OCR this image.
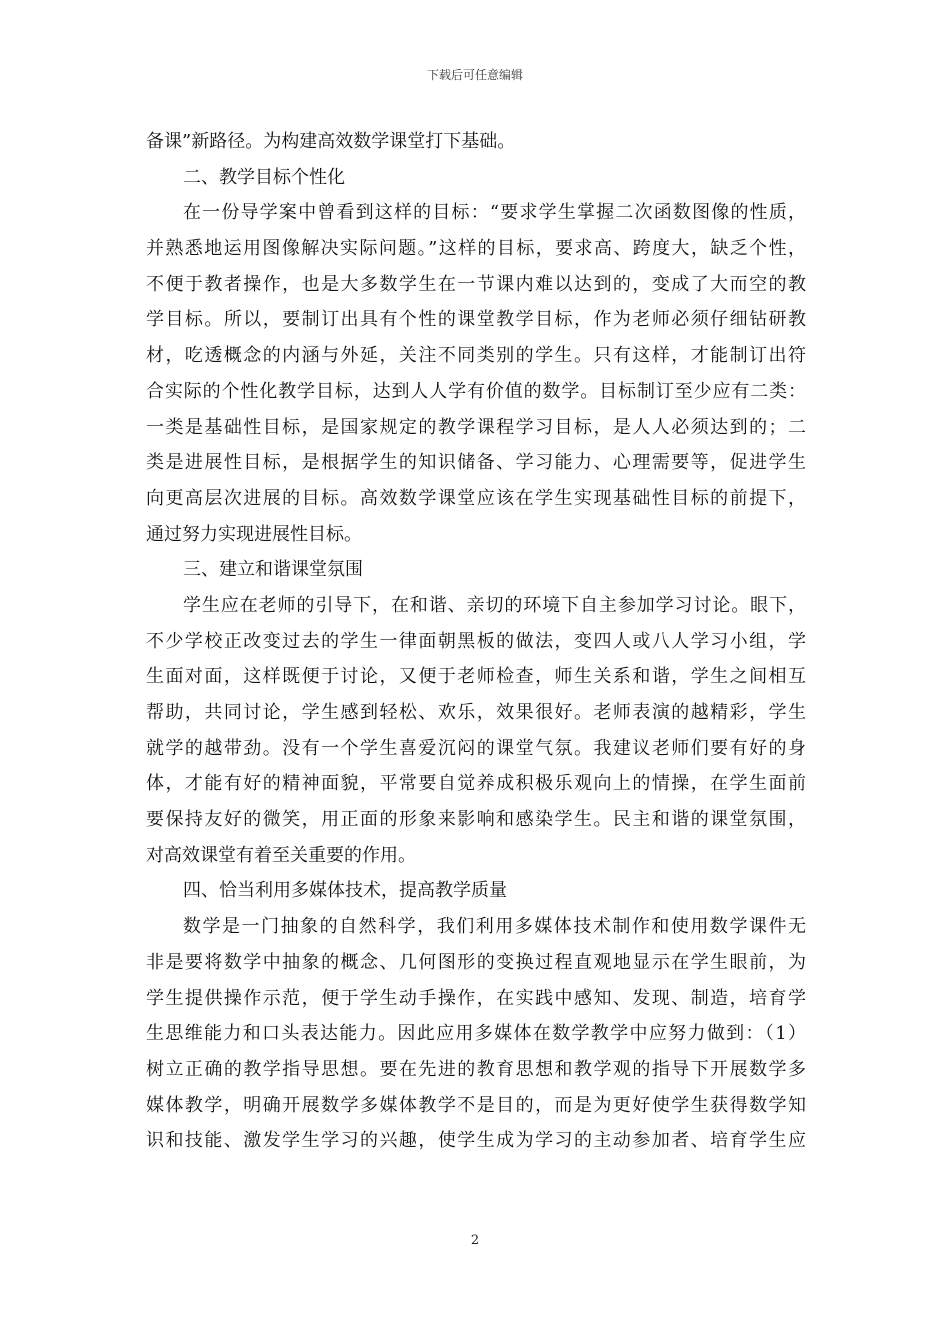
下载后可任意编辑
备课”新路径。为构建高效数学课堂打下基础。
二、教学目标个性化
在一份导学案中曾看到这样的目标：“要求学生掌握二次函数图像的性质，
并熟悉地运用图像解决实际问题。”这样的目标，要求高、跨度大，缺乏个性，
不便于教者操作，也是大多数学生在一节课内难以达到的，变成了大而空的教
学目标。所以，要制订出具有个性的课堂教学目标，作为老师必须仔细钻研教
材，吃透概念的内涵与外延，关注不同类别的学生。只有这样，才能制订出符
合实际的个性化教学目标，达到人人学有价值的数学。目标制订至少应有二类：
一类是基础性目标，是国家规定的教学课程学习目标，是人人必须达到的；二
类是进展性目标，是根据学生的知识储备、学习能力、心理需要等，促进学生
向更高层次进展的目标。高效数学课堂应该在学生实现基础性目标的前提下，
通过努力实现进展性目标。
三、建立和谐课堂氛围
学生应在老师的引导下，在和谐、亲切的环境下自主参加学习讨论。眼下，
不少学校正改变过去的学生一律面朝黑板的做法，变四人或八人学习小组，学
生面对面，这样既便于讨论，又便于老师检查，师生关系和谐，学生之间相互
帮助，共同讨论，学生感到轻松、欢乐，效果很好。老师表演的越精彩，学生
就学的越带劲。没有一个学生喜爱沉闷的课堂气氛。我建议老师们要有好的身
体，才能有好的精神面貌，平常要自觉养成积极乐观向上的情操，在学生面前
要保持友好的微笑，用正面的形象来影响和感染学生。民主和谐的课堂氛围，
对高效课堂有着至关重要的作用。
四、恰当利用多媒体技术，提高教学质量
数学是一门抽象的自然科学，我们利用多媒体技术制作和使用数学课件无
非是要将数学中抽象的概念、几何图形的变换过程直观地显示在学生眼前，为
学生提供操作示范，便于学生动手操作，在实践中感知、发现、制造，培育学
生思维能力和口头表达能力。因此应用多媒体在数学教学中应努力做到：（1）
树立正确的教学指导思想。要在先进的教育思想和教学观的指导下开展数学多
媒体教学，明确开展数学多媒体教学不是目的，而是为更好使学生获得数学知
识和技能、激发学生学习的兴趣，使学生成为学习的主动参加者、培育学生应
2
